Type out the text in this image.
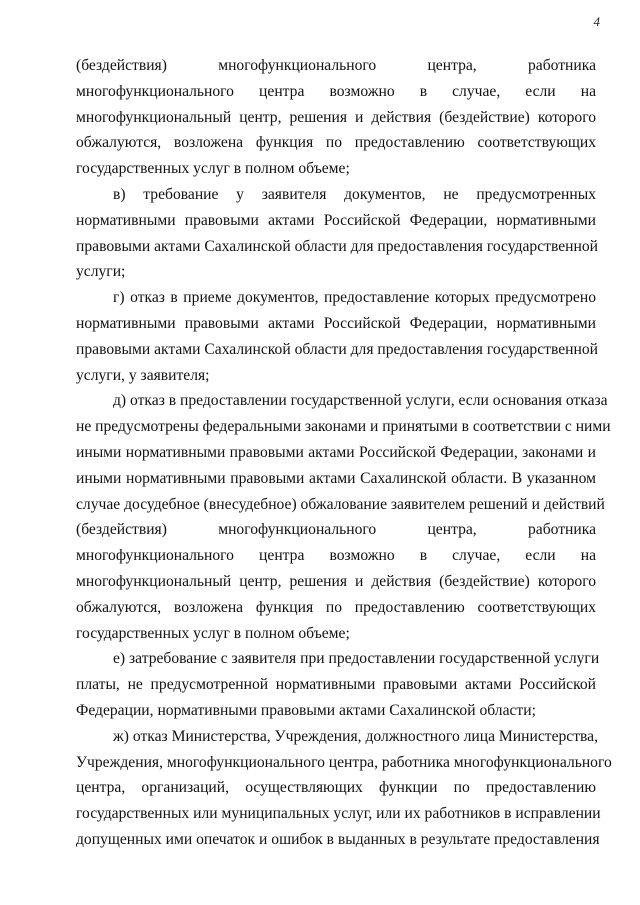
4
(бездействия) многофункционального центра, работника
многофункционального центра возможно в случае, если на
многофункциональный центр, решения и действия (бездействие) которого
обжалуются, возложена функция по предоставлению соответствующих
государственных услуг в полном объеме;
в) требование у заявителя документов, не предусмотренных
нормативными правовыми актами Российской Федерации, нормативными
правовыми актами Сахалинской области для предоставления государственной
услуги;
г) отказ в приеме документов, предоставление которых предусмотрено
нормативными правовыми актами Российской Федерации, нормативными
правовыми актами Сахалинской области для предоставления государственной
услуги, у заявителя;
д) отказ в предоставлении государственной услуги, если основания отказа
не предусмотрены федеральными законами и принятыми в соответствии с ними
иными нормативными правовыми актами Российской Федерации, законами и
иными нормативными правовыми актами Сахалинской области. В указанном
случае досудебное (внесудебное) обжалование заявителем решений и действий
(бездействия) многофункционального центра, работника
многофункционального центра возможно в случае, если на
многофункциональный центр, решения и действия (бездействие) которого
обжалуются, возложена функция по предоставлению соответствующих
государственных услуг в полном объеме;
е) затребование с заявителя при предоставлении государственной услуги
платы, не предусмотренной нормативными правовыми актами Российской
Федерации, нормативными правовыми актами Сахалинской области;
ж) отказ Министерства, Учреждения, должностного лица Министерства,
Учреждения, многофункционального центра, работника многофункционального
центра, организаций, осуществляющих функции по предоставлению
государственных или муниципальных услуг, или их работников в исправлении
допущенных ими опечаток и ошибок в выданных в результате предоставления
